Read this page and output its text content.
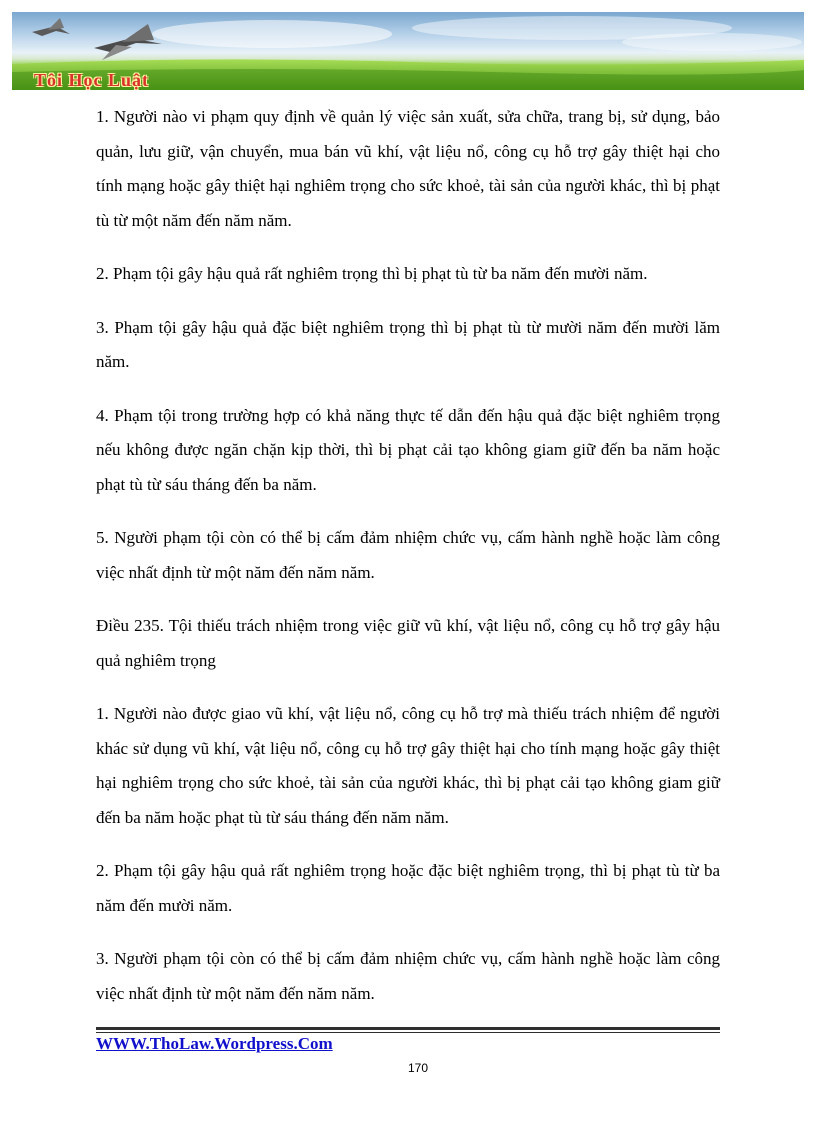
Tôi Học Luật

1. Người nào vi phạm quy định về quản lý việc sản xuất, sửa chữa, trang bị, sử dụng, bảo quản, lưu giữ, vận chuyển, mua bán vũ khí, vật liệu nổ, công cụ hỗ trợ gây thiệt hại cho tính mạng hoặc gây thiệt hại nghiêm trọng cho sức khoẻ, tài sản của người khác, thì bị phạt tù từ một năm đến năm năm.

2. Phạm tội gây hậu quả rất nghiêm trọng thì bị phạt tù từ ba năm đến mười năm.

3. Phạm tội gây hậu quả đặc biệt nghiêm trọng thì bị phạt tù từ mười năm đến mười lăm năm.

4. Phạm tội trong trường hợp có khả năng thực tế dẫn đến hậu quả đặc biệt nghiêm trọng nếu không được ngăn chặn kịp thời, thì bị phạt cải tạo không giam giữ đến ba năm hoặc phạt tù từ sáu tháng đến ba năm.

5. Người phạm tội còn có thể bị cấm đảm nhiệm chức vụ, cấm hành nghề hoặc làm công việc nhất định từ một năm đến năm năm.

Điều 235. Tội thiếu trách nhiệm trong việc giữ vũ khí, vật liệu nổ, công cụ hỗ trợ gây hậu quả nghiêm trọng

1. Người nào được giao vũ khí, vật liệu nổ, công cụ hỗ trợ mà thiếu trách nhiệm để người khác sử dụng vũ khí, vật liệu nổ, công cụ hỗ trợ gây thiệt hại cho tính mạng hoặc gây thiệt hại nghiêm trọng cho sức khoẻ, tài sản của người khác, thì bị phạt cải tạo không giam giữ đến ba năm hoặc phạt tù từ sáu tháng đến năm năm.

2. Phạm tội gây hậu quả rất nghiêm trọng hoặc đặc biệt nghiêm trọng, thì bị phạt tù từ ba năm đến mười năm.

3. Người phạm tội còn có thể bị cấm đảm nhiệm chức vụ, cấm hành nghề hoặc làm công việc nhất định từ một năm đến năm năm.

WWW.ThoLaw.Wordpress.Com
170
